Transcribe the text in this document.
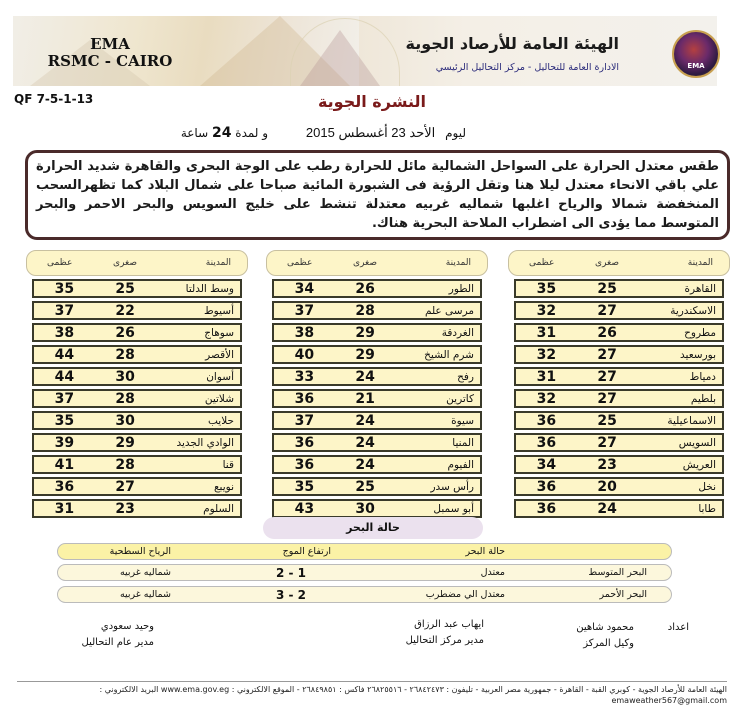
EMA
RSMC - CAIRO
الهيئة العامة للأرصاد الجوية
الادارة العامة للتحاليل - مركز التحاليل الرئيسي	EMA
QF 7-5-1-13	النشرة الجوية
ليوم الأحد 23 أغسطس 2015 و لمدة 24 ساعة
طقس معتدل الحرارة على السواحل الشمالية مائل للحرارة رطب على الوجة البحرى والقاهرة شديد الحرارة علي باقي الانحاء معتدل ليلا هنا وتقل الرؤية فى الشبورة المائية صباحا على شمال البلاد كما تظهرالسحب المنخفضة شمالا والرياح اغلبها شماليه غربيه معتدلة تنشط على خليج السويس والبحر الاحمر والبحر المتوسط مما يؤدى الى اضطراب الملاحة البحرية هناك.
المدينة
صغرى
عظمى
القاهرة
25
35
الاسكندرية
27
32
مطروح
26
31
بورسعيد
27
32
دمياط
27
31
بلطيم
27
32
الاسماعيلية
25
36
السويس
27
36
العريش
23
34
نخل
20
36
طابا
24
36
المدينة
صغرى
عظمى
الطور
26
34
مرسى علم
28
37
الغردقة
29
38
شرم الشيخ
29
40
رفح
24
33
كاترين
21
36
سيوة
24
37
المنيا
24
36
الفيوم
24
36
رأس سدر
25
35
أبو سمبل
30
43
المدينة
صغرى
عظمى
وسط الدلتا
25
35
أسيوط
22
37
سوهاج
26
38
الأقصر
28
44
أسوان
30
44
شلاتين
28
37
حلايب
30
35
الوادي الجديد
29
39
قنا
28
41
نويبع
27
36
السلوم
23
31
حالة البحر
حالة البحر
ارتفاع الموج
الرياح السطحية
البحر المتوسط
معتدل
2 - 1
شماليه غربيه
البحر الأحمر
معتدل الي مضطرب
3 - 2
شماليه غربيه
اعداد
محمود شاهين
وكيل المركز
ايهاب عبد الرزاق
مدير مركز التحاليل
وحيد سعودي
مدير عام التحاليل
الهيئة العامة للأرصاد الجوية - كوبري القبة - القاهرة - جمهورية مصر العربية - تليفون : ٢٦٨٤٢٤٧٣ - ٢٦٨٢٥٥١٦ فاكس : ٢٦٨٤٩٨٥١ - الموقع الالكتروني : www.ema.gov.eg البريد الالكتروني : emaweather567@gmail.com
